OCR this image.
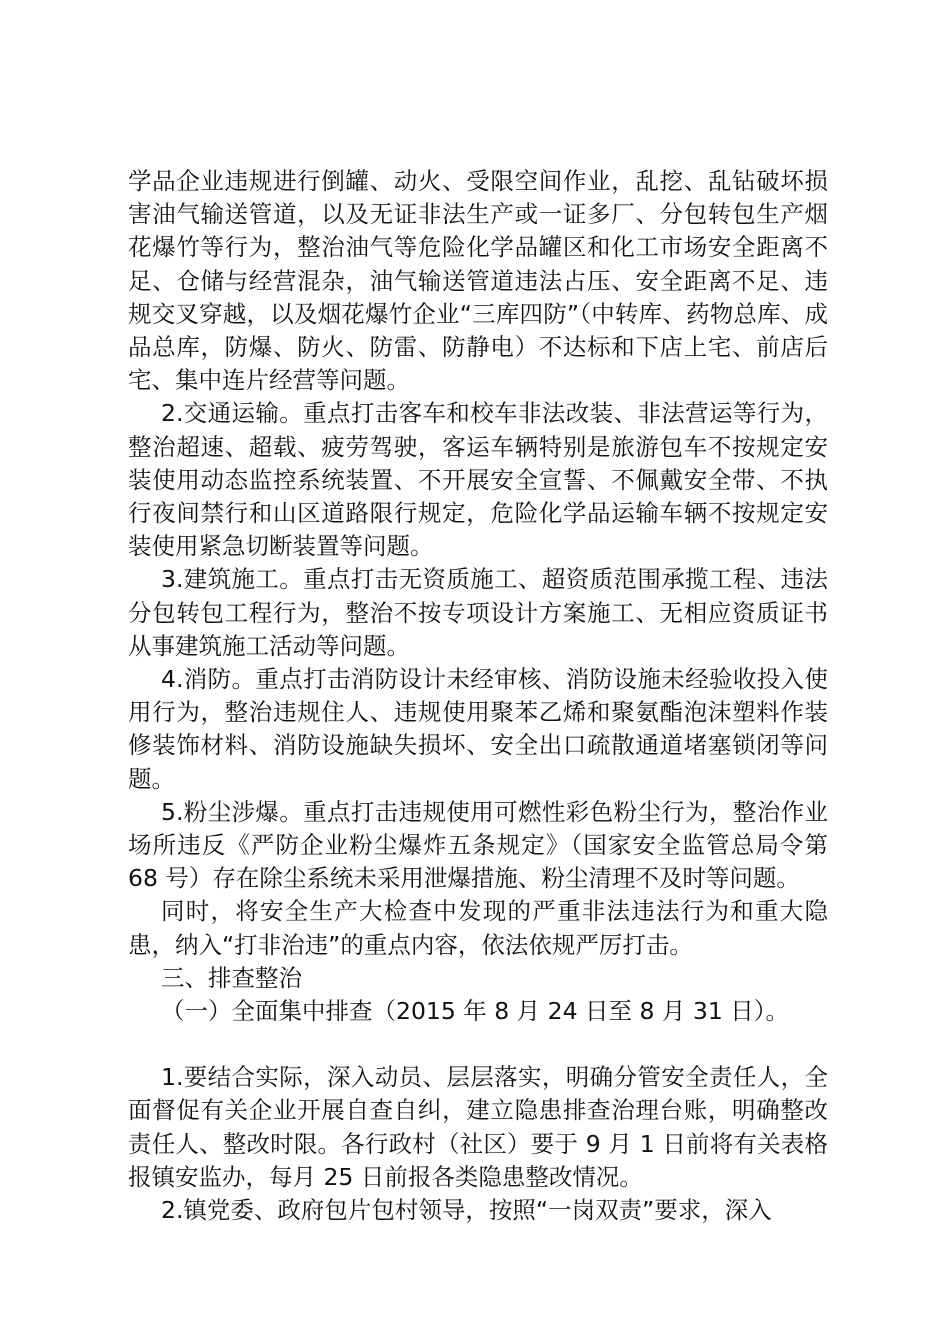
学品企业违规进行倒罐、动火、受限空间作业，乱挖、乱钻破坏损害油气输送管道，以及无证非法生产或一证多厂、分包转包生产烟花爆竹等行为，整治油气等危险化学品罐区和化工市场安全距离不足、仓储与经营混杂，油气输送管道违法占压、安全距离不足、违规交叉穿越，以及烟花爆竹企业“三库四防”（中转库、药物总库、成品总库，防爆、防火、防雷、防静电）不达标和下店上宅、前店后宅、集中连片经营等问题。

2.交通运输。重点打击客车和校车非法改装、非法营运等行为，整治超速、超载、疲劳驾驶，客运车辆特别是旅游包车不按规定安装使用动态监控系统装置、不开展安全宣誓、不佩戴安全带、不执行夜间禁行和山区道路限行规定，危险化学品运输车辆不按规定安装使用紧急切断装置等问题。

3.建筑施工。重点打击无资质施工、超资质范围承揽工程、违法分包转包工程行为，整治不按专项设计方案施工、无相应资质证书从事建筑施工活动等问题。

4.消防。重点打击消防设计未经审核、消防设施未经验收投入使用行为，整治违规住人、违规使用聚苯乙烯和聚氨酯泡沫塑料作装修装饰材料、消防设施缺失损坏、安全出口疏散通道堵塞锁闭等问题。

5.粉尘涉爆。重点打击违规使用可燃性彩色粉尘行为，整治作业场所违反《严防企业粉尘爆炸五条规定》（国家安全监管总局令第 68 号）存在除尘系统未采用泄爆措施、粉尘清理不及时等问题。

同时，将安全生产大检查中发现的严重非法违法行为和重大隐患，纳入“打非治违”的重点内容，依法依规严厉打击。

三、排查整治

（一）全面集中排查（2015 年 8 月 24 日至 8 月 31 日）。

1.要结合实际，深入动员、层层落实，明确分管安全责任人，全面督促有关企业开展自查自纠，建立隐患排查治理台账，明确整改责任人、整改时限。各行政村（社区）要于 9 月 1 日前将有关表格报镇安监办，每月 25 日前报各类隐患整改情况。

2.镇党委、政府包片包村领导，按照“一岗双责”要求，深入
